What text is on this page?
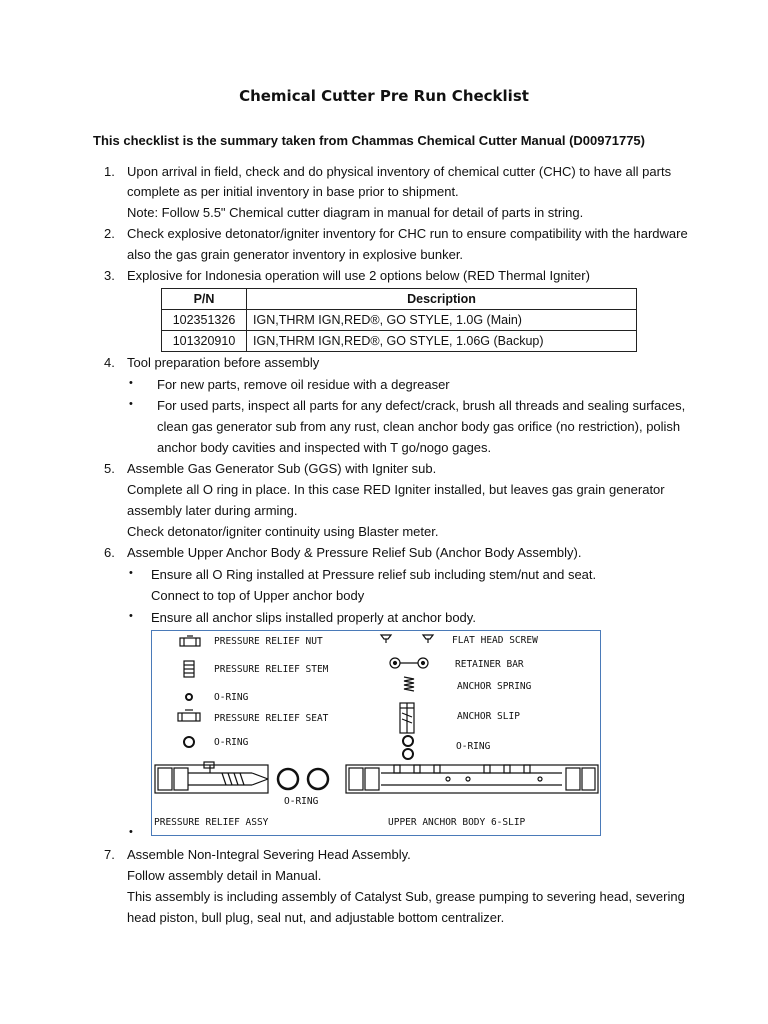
Chemical Cutter Pre Run Checklist
This checklist is the summary taken from Chammas Chemical Cutter Manual (D00971775)
1. Upon arrival in field, check and do physical inventory of chemical cutter (CHC) to have all parts
complete as per initial inventory in base prior to shipment.
Note: Follow 5.5" Chemical cutter diagram in manual for detail of parts in string.
2. Check explosive detonator/igniter inventory for CHC run to ensure compatibility with the hardware
also the gas grain generator inventory in explosive bunker.
3. Explosive for Indonesia operation will use 2 options below (RED Thermal Igniter)
P/N	Description
102351326	IGN,THRM IGN,RED®, GO STYLE, 1.0G (Main)
101320910	IGN,THRM IGN,RED®, GO STYLE, 1.06G (Backup)
4. Tool preparation before assembly
• For new parts, remove oil residue with a degreaser
• For used parts, inspect all parts for any defect/crack, brush all threads and sealing surfaces,
clean gas generator sub from any rust, clean anchor body gas orifice (no restriction), polish
anchor body cavities and inspected with T go/nogo gages.
5. Assemble Gas Generator Sub (GGS) with Igniter sub.
Complete all O ring in place. In this case RED Igniter installed, but leaves gas grain generator
assembly later during arming.
Check detonator/igniter continuity using Blaster meter.
6. Assemble Upper Anchor Body & Pressure Relief Sub (Anchor Body Assembly).
• Ensure all O Ring installed at Pressure relief sub including stem/nut and seat.
Connect to top of Upper anchor body
• Ensure all anchor slips installed properly at anchor body.
PRESSURE RELIEF NUT
PRESSURE RELIEF STEM
O-RING
PRESSURE RELIEF SEAT
O-RING
O-RING
PRESSURE RELIEF ASSY
FLAT HEAD SCREW
RETAINER BAR
ANCHOR SPRING
ANCHOR SLIP
O-RING
UPPER ANCHOR BODY 6-SLIP
•
7. Assemble Non-Integral Severing Head Assembly.
Follow assembly detail in Manual.
This assembly is including assembly of Catalyst Sub, grease pumping to severing head, severing
head piston, bull plug, seal nut, and adjustable bottom centralizer.
